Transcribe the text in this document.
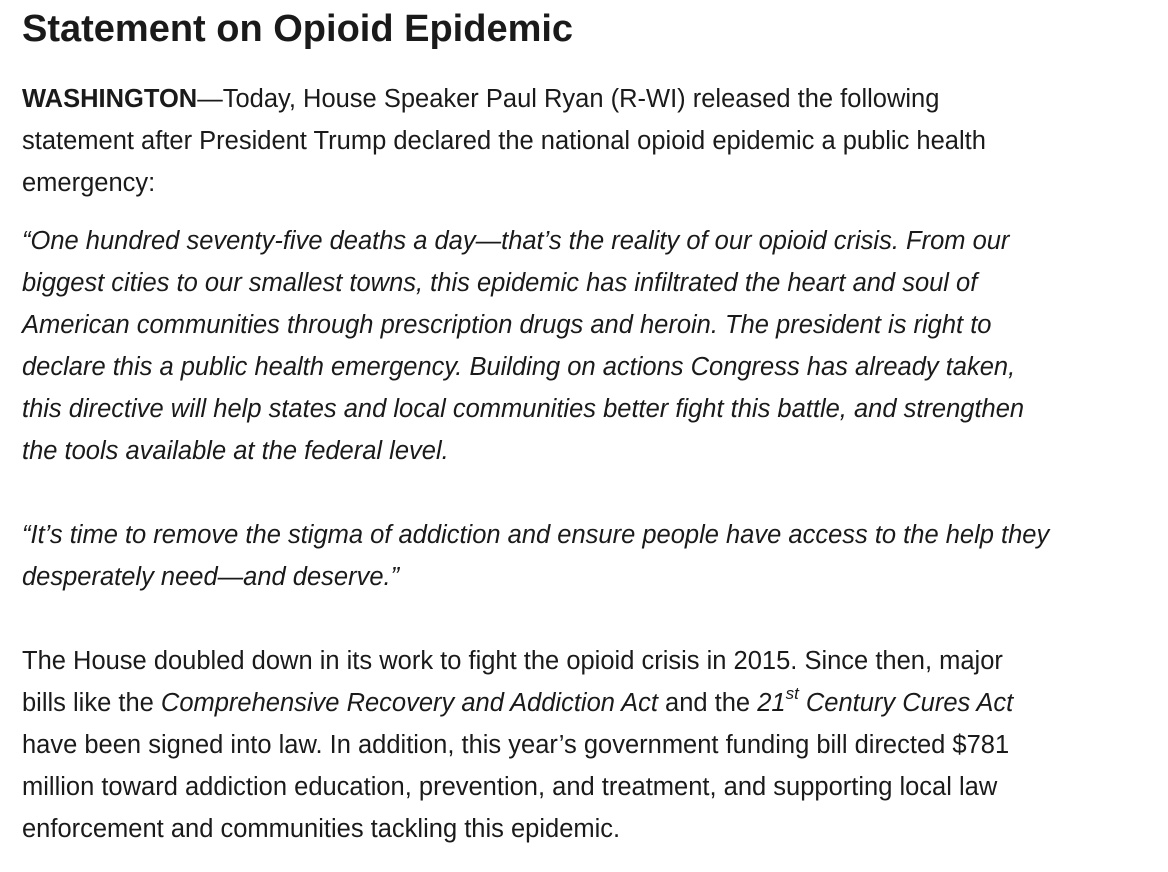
Statement on Opioid Epidemic

WASHINGTON—Today, House Speaker Paul Ryan (R-WI) released the following
statement after President Trump declared the national opioid epidemic a public health
emergency:

“One hundred seventy-five deaths a day—that’s the reality of our opioid crisis. From our
biggest cities to our smallest towns, this epidemic has infiltrated the heart and soul of
American communities through prescription drugs and heroin. The president is right to
declare this a public health emergency. Building on actions Congress has already taken,
this directive will help states and local communities better fight this battle, and strengthen
the tools available at the federal level.

“It’s time to remove the stigma of addiction and ensure people have access to the help they
desperately need—and deserve.”

The House doubled down in its work to fight the opioid crisis in 2015. Since then, major
bills like the Comprehensive Recovery and Addiction Act and the 21st Century Cures Act
have been signed into law. In addition, this year’s government funding bill directed $781
million toward addiction education, prevention, and treatment, and supporting local law
enforcement and communities tackling this epidemic.
